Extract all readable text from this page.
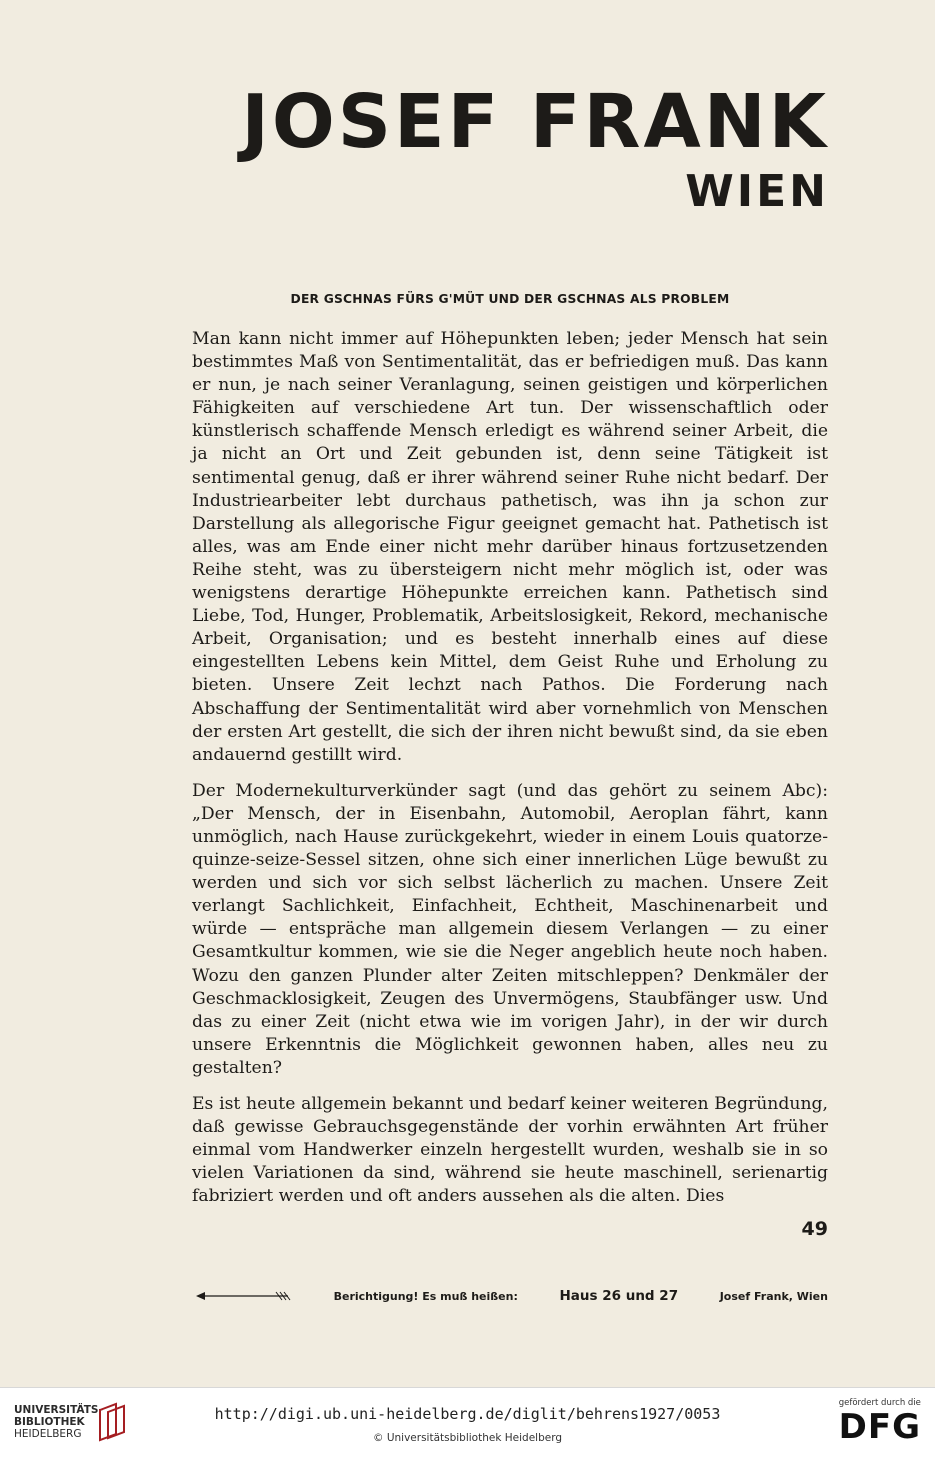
JOSEF FRANK
WIEN
DER GSCHNAS FÜRS G'MÜT UND DER GSCHNAS ALS PROBLEM

Man kann nicht immer auf Höhepunkten leben; jeder Mensch hat sein bestimmtes Maß von Sentimentalität, das er befriedigen muß. Das kann er nun, je nach seiner Veranlagung, seinen geistigen und körperlichen Fähigkeiten auf verschiedene Art tun. Der wissenschaftlich oder künstlerisch schaffende Mensch erledigt es während seiner Arbeit, die ja nicht an Ort und Zeit gebunden ist, denn seine Tätigkeit ist sentimental genug, daß er ihrer während seiner Ruhe nicht bedarf. Der Industriearbeiter lebt durchaus pathetisch, was ihn ja schon zur Darstellung als allegorische Figur geeignet gemacht hat. Pathetisch ist alles, was am Ende einer nicht mehr darüber hinaus fortzusetzenden Reihe steht, was zu übersteigern nicht mehr möglich ist, oder was wenigstens derartige Höhepunkte erreichen kann. Pathetisch sind Liebe, Tod, Hunger, Problematik, Arbeitslosigkeit, Rekord, mechanische Arbeit, Organisation; und es besteht innerhalb eines auf diese eingestellten Lebens kein Mittel, dem Geist Ruhe und Erholung zu bieten. Unsere Zeit lechzt nach Pathos. Die Forderung nach Abschaffung der Sentimentalität wird aber vornehmlich von Menschen der ersten Art gestellt, die sich der ihren nicht bewußt sind, da sie eben andauernd gestillt wird.

Der Modernekulturverkünder sagt (und das gehört zu seinem Abc): „Der Mensch, der in Eisenbahn, Automobil, Aeroplan fährt, kann unmöglich, nach Hause zurückgekehrt, wieder in einem Louis quatorze-quinze-seize-Sessel sitzen, ohne sich einer innerlichen Lüge bewußt zu werden und sich vor sich selbst lächerlich zu machen. Unsere Zeit verlangt Sachlichkeit, Einfachheit, Echtheit, Maschinenarbeit und würde — entspräche man allgemein diesem Verlangen — zu einer Gesamtkultur kommen, wie sie die Neger angeblich heute noch haben. Wozu den ganzen Plunder alter Zeiten mitschleppen? Denkmäler der Geschmacklosigkeit, Zeugen des Unvermögens, Staubfänger usw. Und das zu einer Zeit (nicht etwa wie im vorigen Jahr), in der wir durch unsere Erkenntnis die Möglichkeit gewonnen haben, alles neu zu gestalten?

Es ist heute allgemein bekannt und bedarf keiner weiteren Begründung, daß gewisse Gebrauchsgegenstände der vorhin erwähnten Art früher einmal vom Handwerker einzeln hergestellt wurden, weshalb sie in so vielen Variationen da sind, während sie heute maschinell, serienartig fabriziert werden und oft anders aussehen als die alten. Dies

49
Berichtigung! Es muß heißen:	Haus 26 und 27	Josef Frank, Wien
UNIVERSITÄTS-
BIBLIOTHEK
HEIDELBERG
http://digi.ub.uni-heidelberg.de/diglit/behrens1927/0053
© Universitätsbibliothek Heidelberg
gefördert durch die
DFG
